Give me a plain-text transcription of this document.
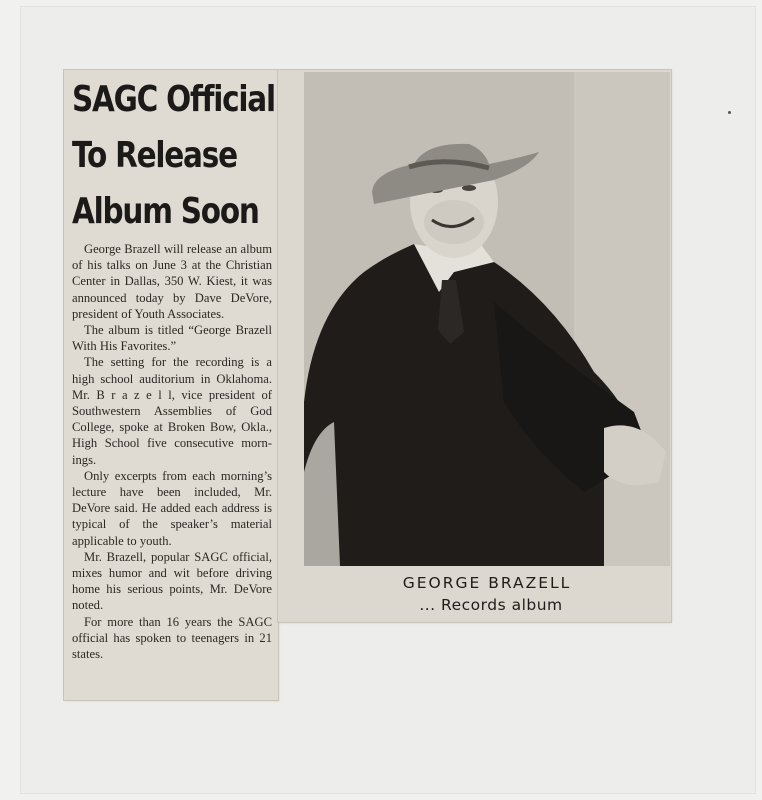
SAGC Official
To Release
Album Soon

George Brazell will release an album of his talks on June 3 at the Christian Center in Dallas, 350 W. Kiest, it was announced today by Dave DeVore, president of Youth Associates.

The album is titled “George Brazell With His Favorites.”

The setting for the recording is a high school auditorium in Oklahoma. Mr. B r a z e l l, vice president of Southwestern Assemblies of God College, spoke at Broken Bow, Okla., High School five consecutive mornings.

Only excerpts from each morning’s lecture have been included, Mr. DeVore said. He added each address is typical of the speaker’s material applicable to youth.

Mr. Brazell, popular SAGC official, mixes humor and wit before driving home his serious points, Mr. DeVore noted.

For more than 16 years the SAGC official has spoken to teenagers in 21 states.

GEORGE BRAZELL
... Records album
